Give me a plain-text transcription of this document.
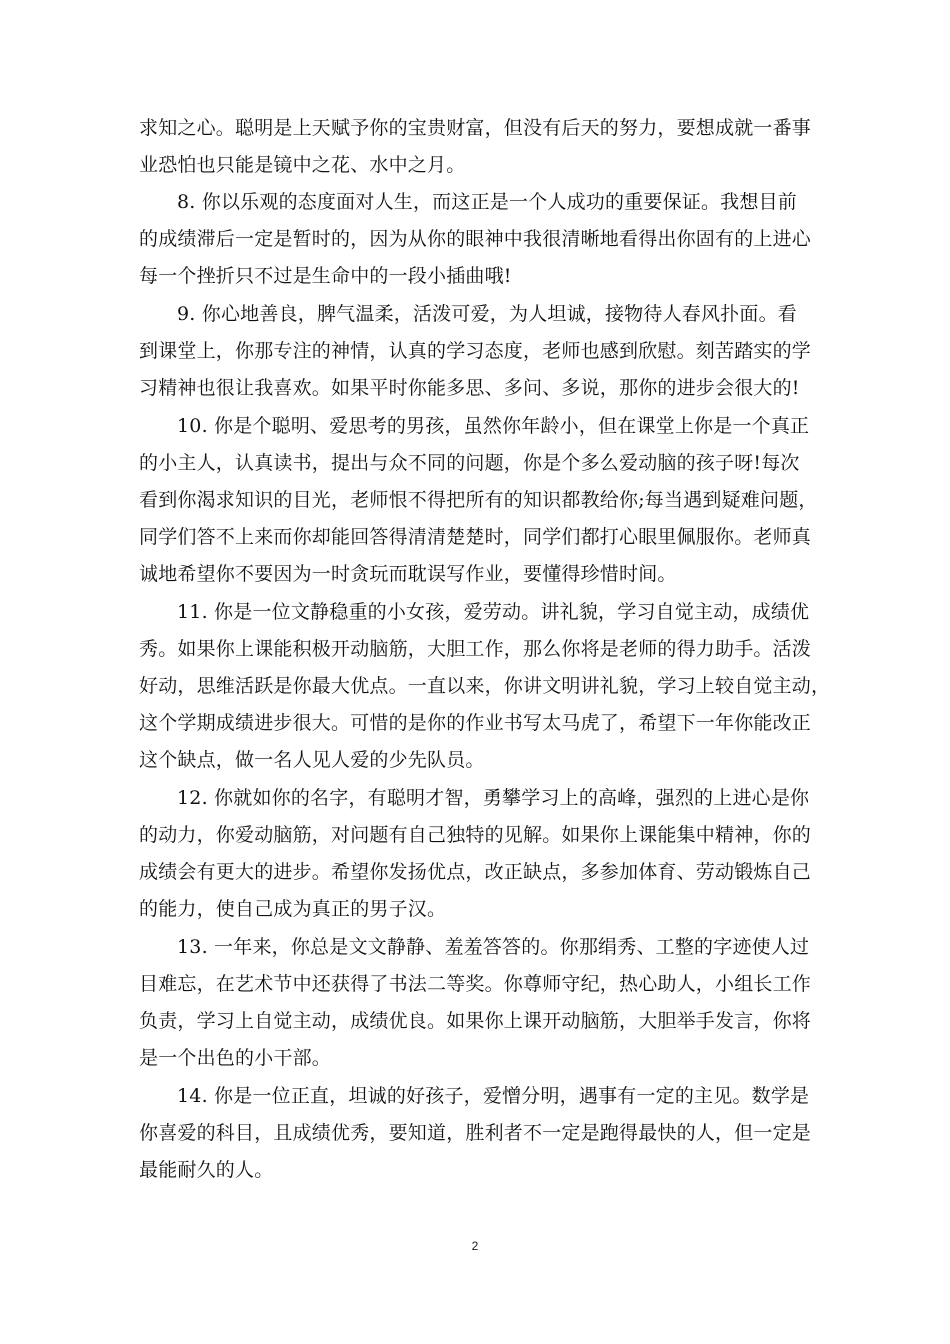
求知之心。聪明是上天赋予你的宝贵财富，但没有后天的努力，要想成就一番事
业恐怕也只能是镜中之花、水中之月。
8. 你以乐观的态度面对人生，而这正是一个人成功的重要保证。我想目前
的成绩滞后一定是暂时的，因为从你的眼神中我很清晰地看得出你固有的上进心
每一个挫折只不过是生命中的一段小插曲哦!
9. 你心地善良，脾气温柔，活泼可爱，为人坦诚，接物待人春风扑面。看
到课堂上，你那专注的神情，认真的学习态度，老师也感到欣慰。刻苦踏实的学
习精神也很让我喜欢。如果平时你能多思、多问、多说，那你的进步会很大的!
10. 你是个聪明、爱思考的男孩，虽然你年龄小，但在课堂上你是一个真正
的小主人，认真读书，提出与众不同的问题，你是个多么爱动脑的孩子呀!每次
看到你渴求知识的目光，老师恨不得把所有的知识都教给你;每当遇到疑难问题，
同学们答不上来而你却能回答得清清楚楚时，同学们都打心眼里佩服你。老师真
诚地希望你不要因为一时贪玩而耽误写作业，要懂得珍惜时间。
11. 你是一位文静稳重的小女孩，爱劳动。讲礼貌，学习自觉主动，成绩优
秀。如果你上课能积极开动脑筋，大胆工作，那么你将是老师的得力助手。活泼
好动，思维活跃是你最大优点。一直以来，你讲文明讲礼貌，学习上较自觉主动，
这个学期成绩进步很大。可惜的是你的作业书写太马虎了，希望下一年你能改正
这个缺点，做一名人见人爱的少先队员。
12. 你就如你的名字，有聪明才智，勇攀学习上的高峰，强烈的上进心是你
的动力，你爱动脑筋，对问题有自己独特的见解。如果你上课能集中精神，你的
成绩会有更大的进步。希望你发扬优点，改正缺点，多参加体育、劳动锻炼自己
的能力，使自己成为真正的男子汉。
13. 一年来，你总是文文静静、羞羞答答的。你那绢秀、工整的字迹使人过
目难忘，在艺术节中还获得了书法二等奖。你尊师守纪，热心助人，小组长工作
负责，学习上自觉主动，成绩优良。如果你上课开动脑筋，大胆举手发言，你将
是一个出色的小干部。
14. 你是一位正直，坦诚的好孩子，爱憎分明，遇事有一定的主见。数学是
你喜爱的科目，且成绩优秀，要知道，胜利者不一定是跑得最快的人，但一定是
最能耐久的人。
2
